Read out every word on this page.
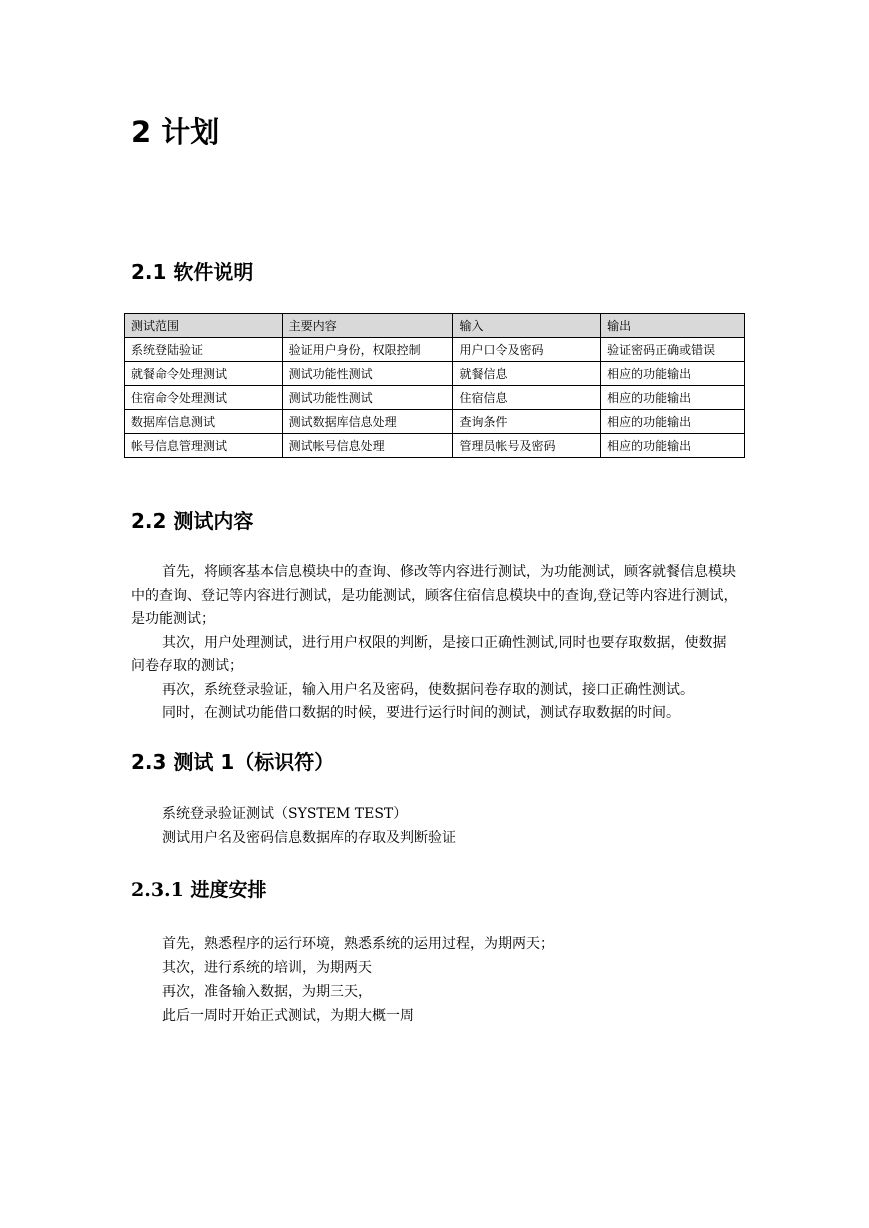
2 计划
2.1 软件说明
测试范围	主要内容	输入	输出
系统登陆验证	验证用户身份，权限控制	用户口令及密码	验证密码正确或错误
就餐命令处理测试	测试功能性测试	就餐信息	相应的功能输出
住宿命令处理测试	测试功能性测试	住宿信息	相应的功能输出
数据库信息测试	测试数据库信息处理	查询条件	相应的功能输出
帐号信息管理测试	测试帐号信息处理	管理员帐号及密码	相应的功能输出
2.2 测试内容

首先，将顾客基本信息模块中的查询、修改等内容进行测试，为功能测试，顾客就餐信息模块中的查询、登记等内容进行测试，是功能测试，顾客住宿信息模块中的查询,登记等内容进行测试，是功能测试；

其次，用户处理测试，进行用户权限的判断，是接口正确性测试,同时也要存取数据，使数据问卷存取的测试；

再次，系统登录验证，输入用户名及密码，使数据问卷存取的测试，接口正确性测试。

同时，在测试功能借口数据的时候，要进行运行时间的测试，测试存取数据的时间。

2.3 测试 1（标识符）

系统登录验证测试（SYSTEM TEST）

测试用户名及密码信息数据库的存取及判断验证

2.3.1 进度安排

首先，熟悉程序的运行环境，熟悉系统的运用过程，为期两天；

其次，进行系统的培训，为期两天

再次，准备输入数据，为期三天，

此后一周时开始正式测试，为期大概一周
